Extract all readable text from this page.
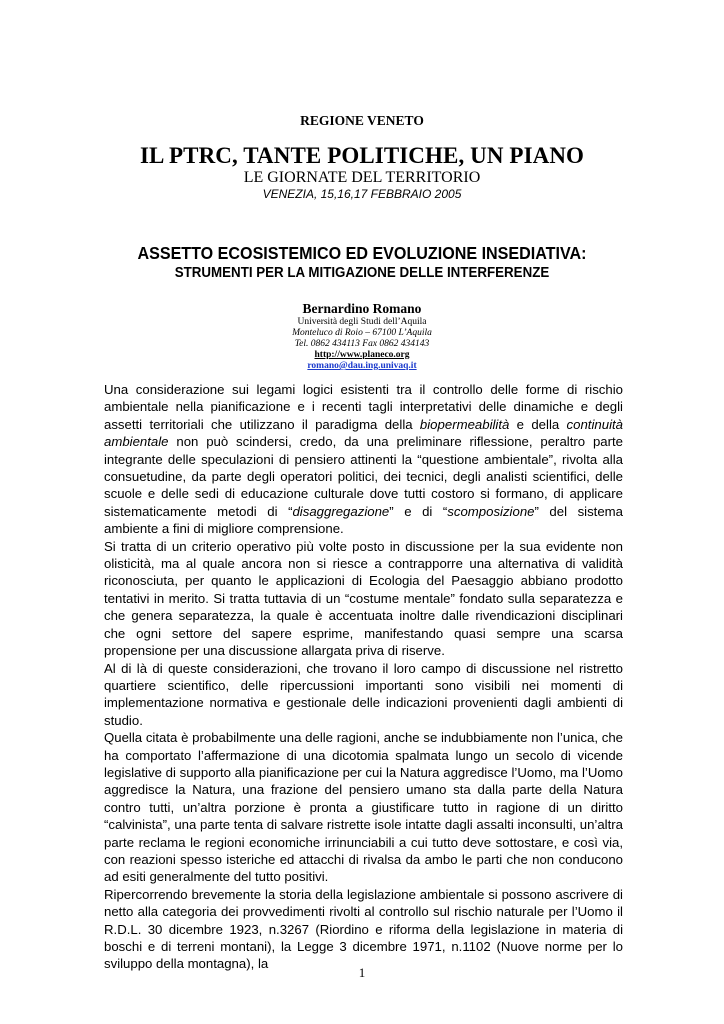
REGIONE VENETO
IL PTRC, TANTE POLITICHE, UN PIANO
LE GIORNATE DEL TERRITORIO
VENEZIA, 15,16,17 FEBBRAIO 2005
ASSETTO ECOSISTEMICO ED EVOLUZIONE INSEDIATIVA:
STRUMENTI PER LA MITIGAZIONE DELLE INTERFERENZE
Bernardino Romano
Università degli Studi dell’Aquila
Monteluco di Roio – 67100 L’Aquila
Tel. 0862 434113 Fax 0862 434143
http://www.planeco.org
romano@dau.ing.univaq.it

Una considerazione sui legami logici esistenti tra il controllo delle forme di rischio ambientale nella pianificazione e i recenti tagli interpretativi delle dinamiche e degli assetti territoriali che utilizzano il paradigma della biopermeabilità e della continuità ambientale non può scindersi, credo, da una preliminare riflessione, peraltro parte integrante delle speculazioni di pensiero attinenti la “questione ambientale”, rivolta alla consuetudine, da parte degli operatori politici, dei tecnici, degli analisti scientifici, delle scuole e delle sedi di educazione culturale dove tutti costoro si formano, di applicare sistematicamente metodi di “disaggregazione” e di “scomposizione” del sistema ambiente a fini di migliore comprensione.

Si tratta di un criterio operativo più volte posto in discussione per la sua evidente non olisticità, ma al quale ancora non si riesce a contrapporre una alternativa di validità riconosciuta, per quanto le applicazioni di Ecologia del Paesaggio abbiano prodotto tentativi in merito. Si tratta tuttavia di un “costume mentale” fondato sulla separatezza e che genera separatezza, la quale è accentuata inoltre dalle rivendicazioni disciplinari che ogni settore del sapere esprime, manifestando quasi sempre una scarsa propensione per una discussione allargata priva di riserve.

Al di là di queste considerazioni, che trovano il loro campo di discussione nel ristretto quartiere scientifico, delle ripercussioni importanti sono visibili nei momenti di implementazione normativa e gestionale delle indicazioni provenienti dagli ambienti di studio.

Quella citata è probabilmente una delle ragioni, anche se indubbiamente non l’unica, che ha comportato l’affermazione di una dicotomia spalmata lungo un secolo di vicende legislative di supporto alla pianificazione per cui la Natura aggredisce l’Uomo, ma l’Uomo aggredisce la Natura, una frazione del pensiero umano sta dalla parte della Natura contro tutti, un’altra porzione è pronta a giustificare tutto in ragione di un diritto “calvinista”, una parte tenta di salvare ristrette isole intatte dagli assalti inconsulti, un’altra parte reclama le regioni economiche irrinunciabili a cui tutto deve sottostare, e così via, con reazioni spesso isteriche ed attacchi di rivalsa da ambo le parti che non conducono ad esiti generalmente del tutto positivi.

Ripercorrendo brevemente la storia della legislazione ambientale si possono ascrivere di netto alla categoria dei provvedimenti rivolti al controllo sul rischio naturale per l’Uomo il R.D.L. 30 dicembre 1923, n.3267 (Riordino e riforma della legislazione in materia di boschi e di terreni montani), la Legge 3 dicembre 1971, n.1102 (Nuove norme per lo sviluppo della montagna), la

1
